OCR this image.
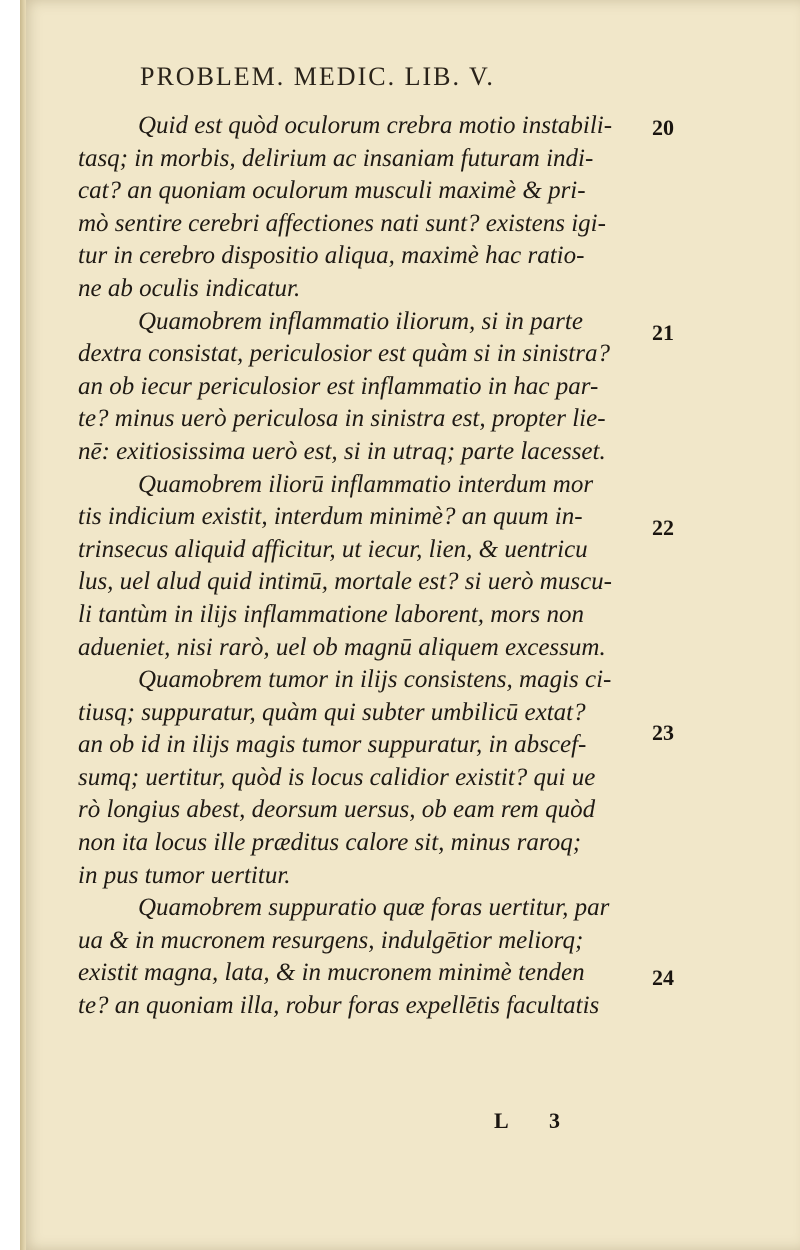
PROBLEM. MEDIC. LIB. V.
Quid est quòd oculorum crebra motio instabili-
tasq; in morbis, delirium ac insaniam futuram indi-
cat? an quoniam oculorum musculi maximè & pri-
mò sentire cerebri affectiones nati sunt? existens igi-
tur in cerebro dispositio aliqua, maximè hac ratio-
ne ab oculis indicatur.
Quamobrem inflammatio iliorum, si in parte
dextra consistat, periculosior est quàm si in sinistra?
an ob iecur periculosior est inflammatio in hac par-
te? minus uerò periculosa in sinistra est, propter lie-
nē: exitiosissima uerò est, si in utraq; parte lacesset.
Quamobrem iliorū inflammatio interdum mor
tis indicium existit, interdum minimè? an quum in-
trinsecus aliquid afficitur, ut iecur, lien, & uentricu
lus, uel alud quid intimū, mortale est? si uerò muscu-
li tantùm in ilijs inflammatione laborent, mors non
adueniet, nisi rarò, uel ob magnū aliquem excessum.
Quamobrem tumor in ilijs consistens, magis ci-
tiusq; suppuratur, quàm qui subter umbilicū extat?
an ob id in ilijs magis tumor suppuratur, in abscef-
sumq; uertitur, quòd is locus calidior existit? qui ue
rò longius abest, deorsum uersus, ob eam rem quòd
non ita locus ille præditus calore sit, minus raroq;
in pus tumor uertitur.
Quamobrem suppuratio quæ foras uertitur, par
ua & in mucronem resurgens, indulgētior meliorq;
existit magna, lata, & in mucronem minimè tenden
te? an quoniam illa, robur foras expellētis facultatis
20
21
22
23
24
L 3
